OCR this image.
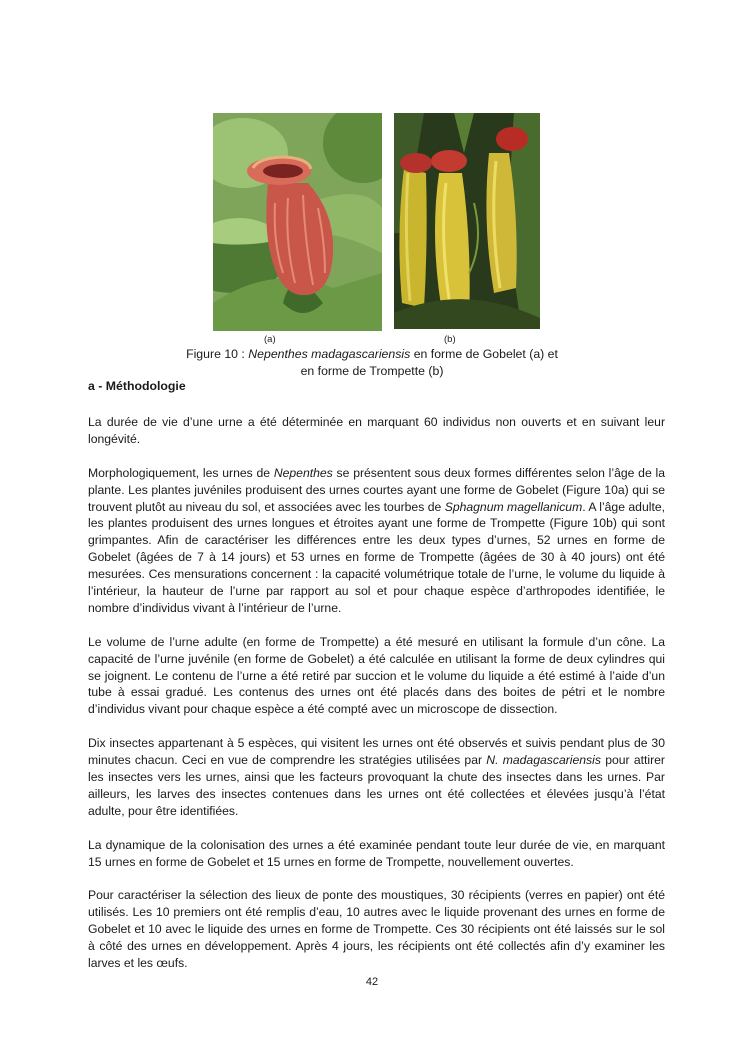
(a)	(b)
Figure 10 : Nepenthes madagascariensis en forme de Gobelet (a) et
en forme de Trompette (b)
a - Méthodologie

La durée de vie d’une urne a été déterminée en marquant 60 individus non ouverts et en suivant leur longévité.

Morphologiquement, les urnes de Nepenthes se présentent sous deux formes différentes selon l’âge de la plante. Les plantes juvéniles produisent des urnes courtes ayant une forme de Gobelet (Figure 10a) qui se trouvent plutôt au niveau du sol, et associées avec les tourbes de Sphagnum magellanicum. A l’âge adulte, les plantes produisent des urnes longues et étroites ayant une forme de Trompette (Figure 10b) qui sont grimpantes. Afin de caractériser les différences entre les deux types d’urnes, 52 urnes en forme de Gobelet (âgées de 7 à 14 jours) et 53 urnes en forme de Trompette (âgées de 30 à 40 jours) ont été mesurées. Ces mensurations concernent : la capacité volumétrique totale de l’urne, le volume du liquide à l’intérieur, la hauteur de l’urne par rapport au sol et pour chaque espèce d’arthropodes identifiée, le nombre d’individus vivant à l’intérieur de l’urne.

Le volume de l’urne adulte (en forme de Trompette) a été mesuré en utilisant la formule d’un cône. La capacité de l’urne juvénile (en forme de Gobelet) a été calculée en utilisant la forme de deux cylindres qui se joignent. Le contenu de l’urne a été retiré par succion et le volume du liquide a été estimé à l’aide d’un tube à essai gradué. Les contenus des urnes ont été placés dans des boites de pétri et le nombre d’individus vivant pour chaque espèce a été compté avec un microscope de dissection.

Dix insectes appartenant à 5 espèces, qui visitent les urnes ont été observés et suivis pendant plus de 30 minutes chacun. Ceci en vue de comprendre les stratégies utilisées par N. madagascariensis pour attirer les insectes vers les urnes, ainsi que les facteurs provoquant la chute des insectes dans les urnes. Par ailleurs, les larves des insectes contenues dans les urnes ont été collectées et élevées jusqu’à l’état adulte, pour être identifiées.

La dynamique de la colonisation des urnes a été examinée pendant toute leur durée de vie, en marquant 15 urnes en forme de Gobelet et 15 urnes en forme de Trompette, nouvellement ouvertes.

Pour caractériser la sélection des lieux de ponte des moustiques, 30 récipients (verres en papier) ont été utilisés. Les 10 premiers ont été remplis d’eau, 10 autres avec le liquide provenant des urnes en forme de Gobelet et 10 avec le liquide des urnes en forme de Trompette. Ces 30 récipients ont été laissés sur le sol à côté des urnes en développement. Après 4 jours, les récipients ont été collectés afin d’y examiner les larves et les œufs.

42
